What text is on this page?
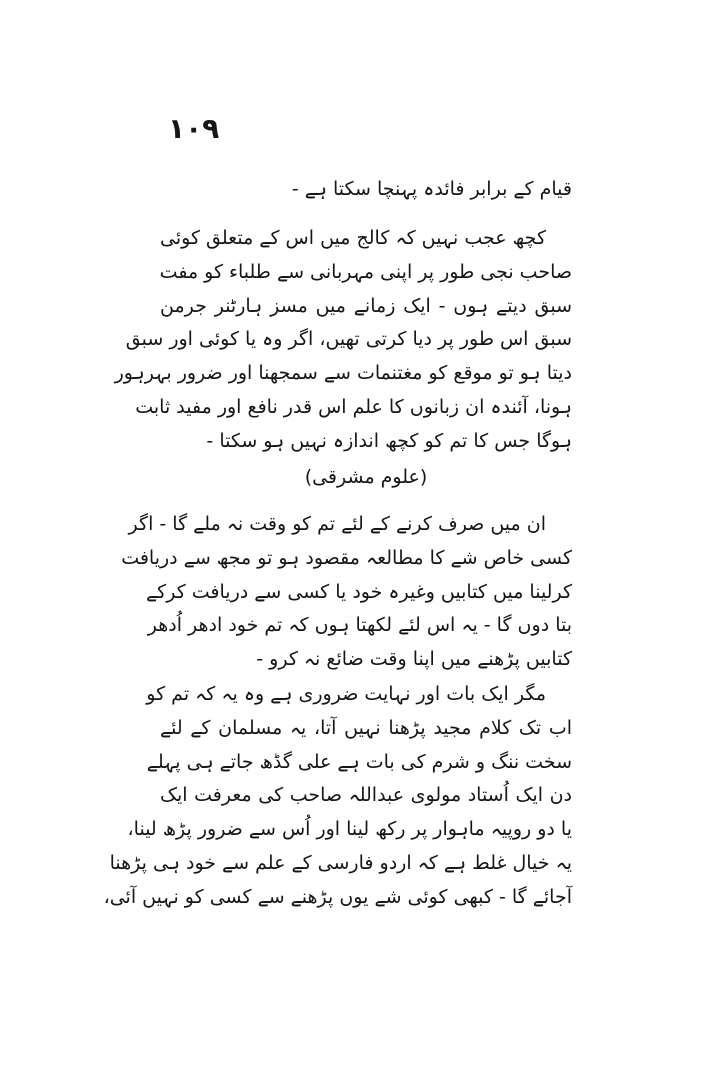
١٠٩
قیام کے برابر فائدہ پہنچا سکتا ہے -
کچھ عجب نہیں کہ کالج میں اس کے متعلق کوئی
صاحب نجی طور پر اپنی مہربانی سے طلباء کو مفت
سبق دیتے ہوں - ایک زمانے میں مسز ہارٹنر جرمن
سبق اس طور پر دیا کرتی تھیں، اگر وہ یا کوئی اور سبق
دیتا ہو تو موقع کو مغتنمات سے سمجھنا اور ضرور بہرہور
ہونا، آئندہ ان زبانوں کا علم اس قدر نافع اور مفید ثابت
ہوگا جس کا تم کو کچھ اندازہ نہیں ہو سکتا -
(علوم مشرقی)
ان میں صرف کرنے کے لئے تم کو وقت نہ ملے گا - اگر
کسی خاص شے کا مطالعہ مقصود ہو تو مجھ سے دریافت
کرلینا میں کتابیں وغیرہ خود یا کسی سے دریافت کرکے
بتا دوں گا - یہ اس لئے لکھتا ہوں کہ تم خود ادھر اُدھر
کتابیں پڑھنے میں اپنا وقت ضائع نہ کرو -
مگر ایک بات اور نہایت ضروری ہے وہ یہ کہ تم کو
اب تک کلام مجید پڑھنا نہیں آتا، یہ مسلمان کے لئے
سخت ننگ و شرم کی بات ہے علی گڈھ جاتے ہی پہلے
دن ایک اُستاد مولوی عبداللہ صاحب کی معرفت ایک
یا دو روپیہ ماہوار پر رکھ لینا اور اُس سے ضرور پڑھ لینا،
یہ خیال غلط ہے کہ اردو فارسی کے علم سے خود ہی پڑھنا
آجائے گا - کبھی کوئی شے یوں پڑھنے سے کسی کو نہیں آئی،
